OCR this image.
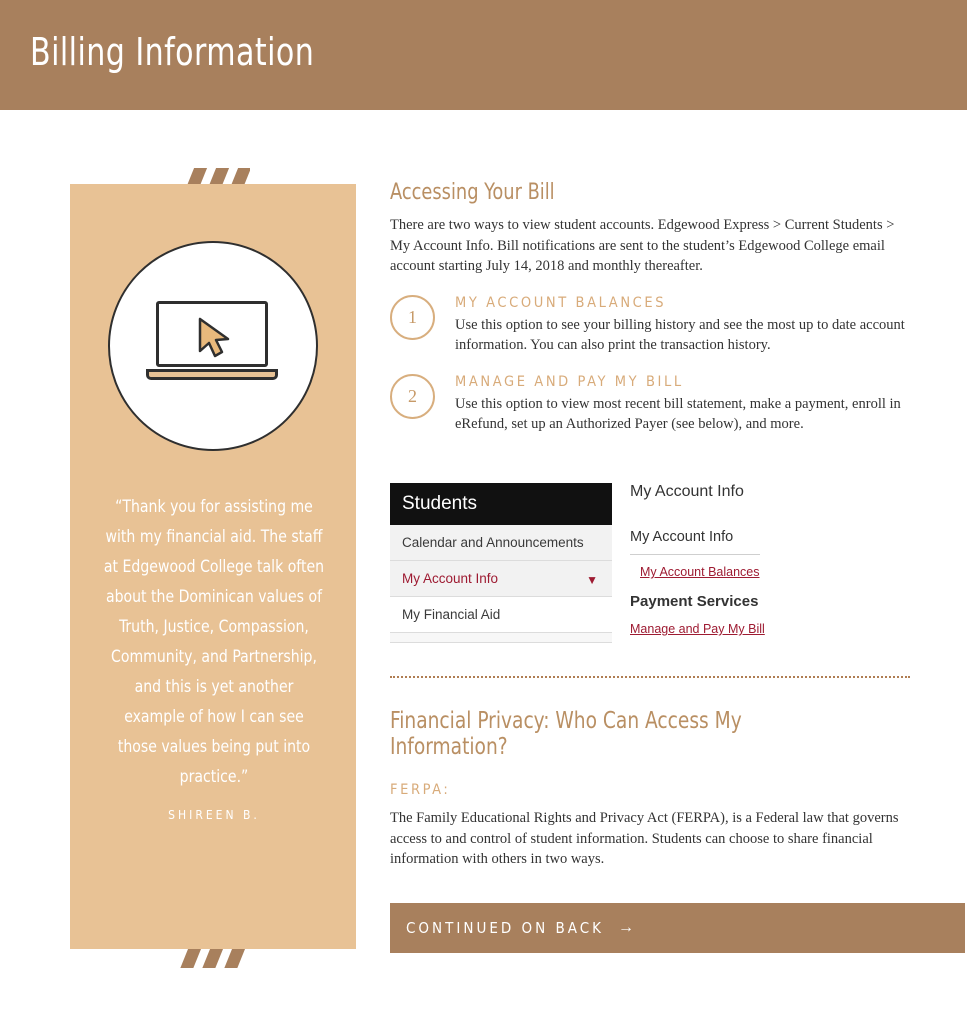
Billing Information
“Thank you for assisting me with my financial aid. The staff at Edgewood College talk often about the Dominican values of Truth, Justice, Compassion, Community, and Partnership, and this is yet another example of how I can see those values being put into practice.”
SHIREEN B.
Accessing Your Bill

There are two ways to view student accounts. Edgewood Express > Current Students > My Account Info. Bill notifications are sent to the student’s Edgewood College email account starting July 14, 2018 and monthly thereafter.

1
MY ACCOUNT BALANCES
Use this option to see your billing history and see the most up to date account information. You can also print the transaction history.
2
MANAGE AND PAY MY BILL
Use this option to view most recent bill statement, make a payment, enroll in eRefund, set up an Authorized Payer (see below), and more.
Students
Calendar and Announcements
My Account Info	▼
My Financial Aid
My Account Info
My Account Info
My Account Balances
Payment Services
Manage and Pay My Bill
Financial Privacy: Who Can Access My Information?
FERPA:

The Family Educational Rights and Privacy Act (FERPA), is a Federal law that governs access to and control of student information. Students can choose to share financial information with others in two ways.

CONTINUED ON BACK →
